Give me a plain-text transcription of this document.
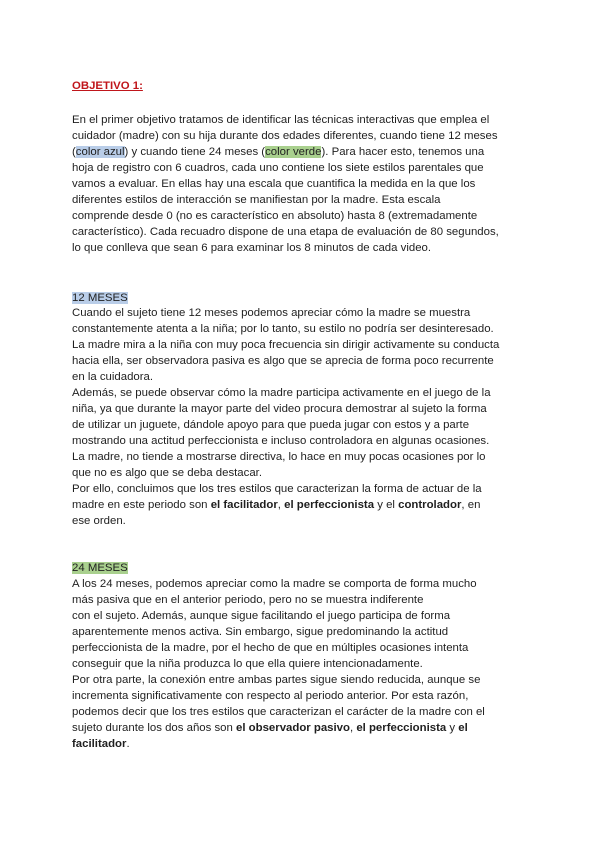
OBJETIVO 1:
En el primer objetivo tratamos de identificar las técnicas interactivas que emplea el
cuidador (madre) con su hija durante dos edades diferentes, cuando tiene 12 meses
(color azul) y cuando tiene 24 meses (color verde). Para hacer esto, tenemos una
hoja de registro con 6 cuadros, cada uno contiene los siete estilos parentales que
vamos a evaluar. En ellas hay una escala que cuantifica la medida en la que los
diferentes estilos de interacción se manifiestan por la madre. Esta escala
comprende desde 0 (no es característico en absoluto) hasta 8 (extremadamente
característico). Cada recuadro dispone de una etapa de evaluación de 80 segundos,
lo que conlleva que sean 6 para examinar los 8 minutos de cada video.
12 MESES
Cuando el sujeto tiene 12 meses podemos apreciar cómo la madre se muestra
constantemente atenta a la niña; por lo tanto, su estilo no podría ser desinteresado.
La madre mira a la niña con muy poca frecuencia sin dirigir activamente su conducta
hacia ella, ser observadora pasiva es algo que se aprecia de forma poco recurrente
en la cuidadora.
Además, se puede observar cómo la madre participa activamente en el juego de la
niña, ya que durante la mayor parte del video procura demostrar al sujeto la forma
de utilizar un juguete, dándole apoyo para que pueda jugar con estos y a parte
mostrando una actitud perfeccionista e incluso controladora en algunas ocasiones.
La madre, no tiende a mostrarse directiva, lo hace en muy pocas ocasiones por lo
que no es algo que se deba destacar.
Por ello, concluimos que los tres estilos que caracterizan la forma de actuar de la
madre en este periodo son el facilitador, el perfeccionista y el controlador, en
ese orden.
24 MESES
A los 24 meses, podemos apreciar como la madre se comporta de forma mucho
más pasiva que en el anterior periodo, pero no se muestra indiferente
con el sujeto. Además, aunque sigue facilitando el juego participa de forma
aparentemente menos activa. Sin embargo, sigue predominando la actitud
perfeccionista de la madre, por el hecho de que en múltiples ocasiones intenta
conseguir que la niña produzca lo que ella quiere intencionadamente.
Por otra parte, la conexión entre ambas partes sigue siendo reducida, aunque se
incrementa significativamente con respecto al periodo anterior. Por esta razón,
podemos decir que los tres estilos que caracterizan el carácter de la madre con el
sujeto durante los dos años son el observador pasivo, el perfeccionista y el
facilitador.
